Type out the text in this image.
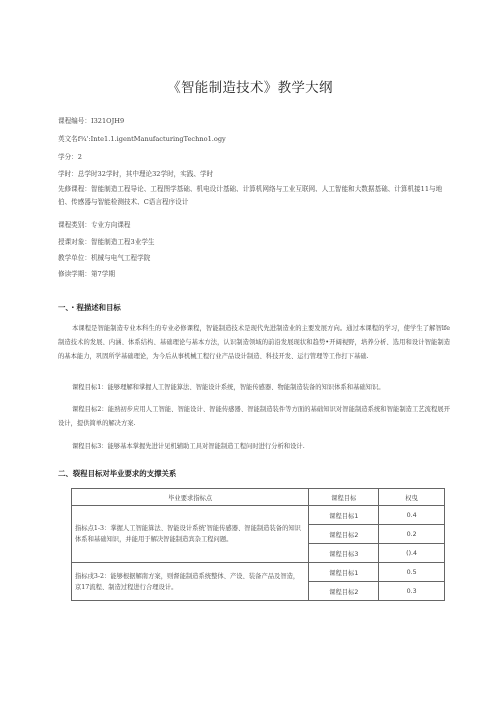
《智能制造技术》教学大纲
课程编号：I321OJH9
英文名f¾':Inte1.1.igentManufacturingTechno1.ogy
学分：2
学时：总学时32学时，其中理论32学时，实践、学时
先修课程：智能制造工程导论、工程图学基础、机电设计基础、计算机网络与工业互联网、人工智能和大数据基础、计算机接11与地伯、传感器与智能检测技术、C语言程序设计
课程类别：专业方向课程
授课对象：智能制造工程3业学生
教学单位：机械与电气工程学院
修读学期：第7学期
一、・程描述和目标
本课程是智能制造专业本科生的专业必修课程，智能制造技术是现代先进制造业的主要发展方向。通过本课程的学习，使学生了解智lfe制造技术的发展、内涵、体系结构、基础理论与基本方法，认识制造领域的前沿发展现状和趋势•开阔视野，培养分析、选用和设计智能制造的基本能力，巩固所学基础理论，为今后从事机械工程行业产品设计制造、科技开发、运行管理等工作打下基础.
课程目标1：能够理解和掌握人工智能算法、智能设计系统，智能传感器、物能制造装备的知识体系和基础知识。
课程目标2：能熟初步应用人工智能、智能设计、智能传感器、智能制造装件等方面的基础知识对智能制造系统和智能制造工艺流程展开设计，提供简单的解决方案.
课程目标3：能够基本掌握先进计见机辅助工具对智能制造工程问时进行分析和设计.
二、裂程目标对毕业要求的支撑关系
毕业要求指标点	课程目标	权曳
指标点1-3：掌握人工智能算法、智能设计系统'智能传感器、智能制造装备的知识体系和基础知识，并能用于解决智能制造宾杂工程问题。	课程目标1	0.4
	课程目标2	0.2
	课程目标3	().4
指标戌3-2：能够根据解南方案，则督能制造系统整体、产设、装备产品及智造，京17流程、制造过程进行合理设计。	课程目标1	0.5
	课程目标2	0.3
